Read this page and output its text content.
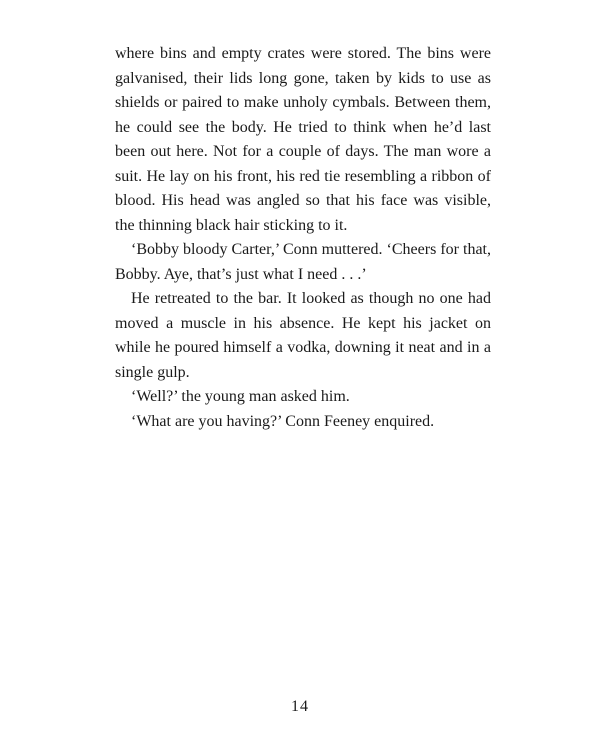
where bins and empty crates were stored. The bins were galvanised, their lids long gone, taken by kids to use as shields or paired to make unholy cymbals. Between them, he could see the body. He tried to think when he’d last been out here. Not for a couple of days. The man wore a suit. He lay on his front, his red tie resembling a ribbon of blood. His head was angled so that his face was visible, the thinning black hair sticking to it.

‘Bobby bloody Carter,’ Conn muttered. ‘Cheers for that, Bobby. Aye, that’s just what I need . . .’

He retreated to the bar. It looked as though no one had moved a muscle in his absence. He kept his jacket on while he poured himself a vodka, downing it neat and in a single gulp.

‘Well?’ the young man asked him.

‘What are you having?’ Conn Feeney enquired.

14
